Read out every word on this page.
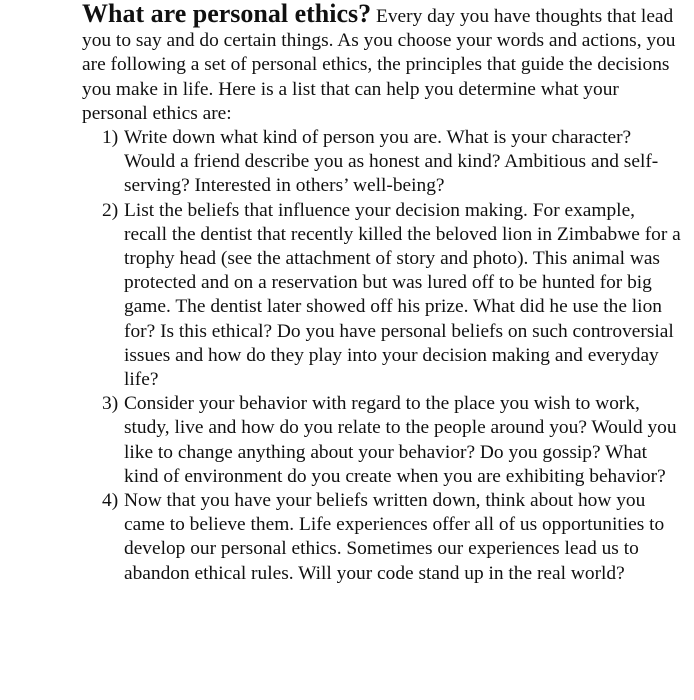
What are personal ethics? Every day you have thoughts that lead you to say and do certain things. As you choose your words and actions, you are following a set of personal ethics, the principles that guide the decisions you make in life. Here is a list that can help you determine what your personal ethics are:

1) Write down what kind of person you are. What is your character? Would a friend describe you as honest and kind? Ambitious and self-serving? Interested in others’ well-being?
2) List the beliefs that influence your decision making. For example, recall the dentist that recently killed the beloved lion in Zimbabwe for a trophy head (see the attachment of story and photo). This animal was protected and on a reservation but was lured off to be hunted for big game. The dentist later showed off his prize. What did he use the lion for? Is this ethical? Do you have personal beliefs on such controversial issues and how do they play into your decision making and everyday life?
3) Consider your behavior with regard to the place you wish to work, study, live and how do you relate to the people around you? Would you like to change anything about your behavior? Do you gossip? What kind of environment do you create when you are exhibiting behavior?
4) Now that you have your beliefs written down, think about how you came to believe them. Life experiences offer all of us opportunities to develop our personal ethics. Sometimes our experiences lead us to abandon ethical rules. Will your code stand up in the real world?
